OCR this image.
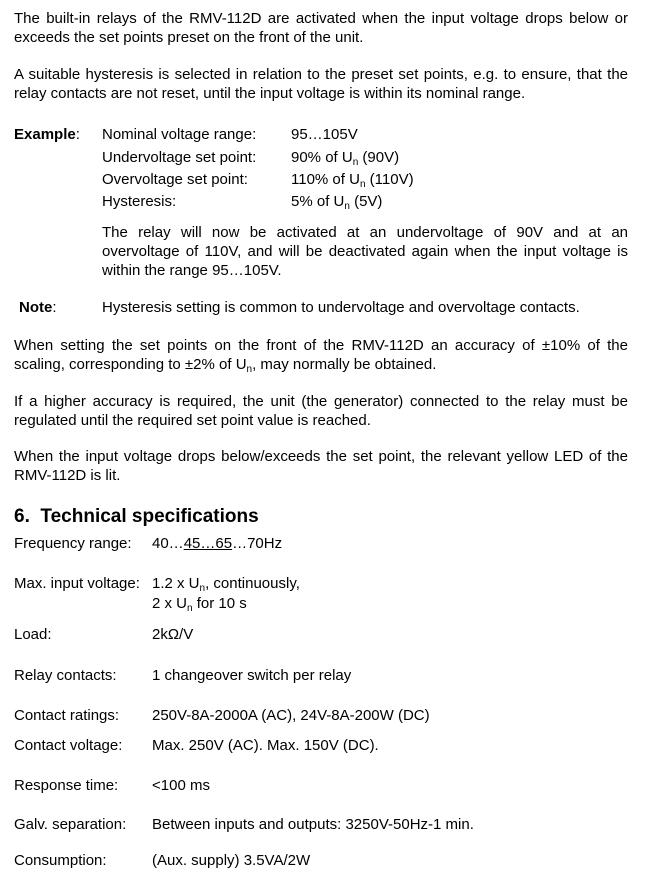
The built-in relays of the RMV-112D are activated when the input voltage drops below or exceeds the set points preset on the front of the unit.

A suitable hysteresis is selected in relation to the preset set points, e.g. to ensure, that the relay contacts are not reset, until the input voltage is within its nominal range.

Example: Nominal voltage range: 95…105V
Undervoltage set point: 90% of $U_n$ (90V)
Overvoltage set point:	110% of $U_n$ (110V)
Hysteresis:	5% of $U_n$ (5V)

The relay will now be activated at an undervoltage of 90V and at an overvoltage of 110V, and will be deactivated again when the input voltage is within the range 95…105V.

Note:	Hysteresis setting is common to undervoltage and overvoltage contacts.

When setting the set points on the front of the RMV-112D an accuracy of ±10% of the scaling, corresponding to ±2% of $U_n$, may normally be obtained.

If a higher accuracy is required, the unit (the generator) connected to the relay must be regulated until the required set point value is reached.

When the input voltage drops below/exceeds the set point, the relevant yellow LED of the RMV-112D is lit.

6. Technical specifications
Frequency range: 40…45…65…70Hz
Max. input voltage: 1.2 x $U_n$, continuously,
2 x $U_n$ for 10 s
Load:	2kΩ/V
Relay contacts: 1 changeover switch per relay
Contact ratings: 250V-8A-2000A (AC), 24V-8A-200W (DC)
Contact voltage: Max. 250V (AC). Max. 150V (DC).
Response time: <100 ms
Galv. separation: Between inputs and outputs: 3250V-50Hz-1 min.
Consumption:	(Aux. supply) 3.5VA/2W
